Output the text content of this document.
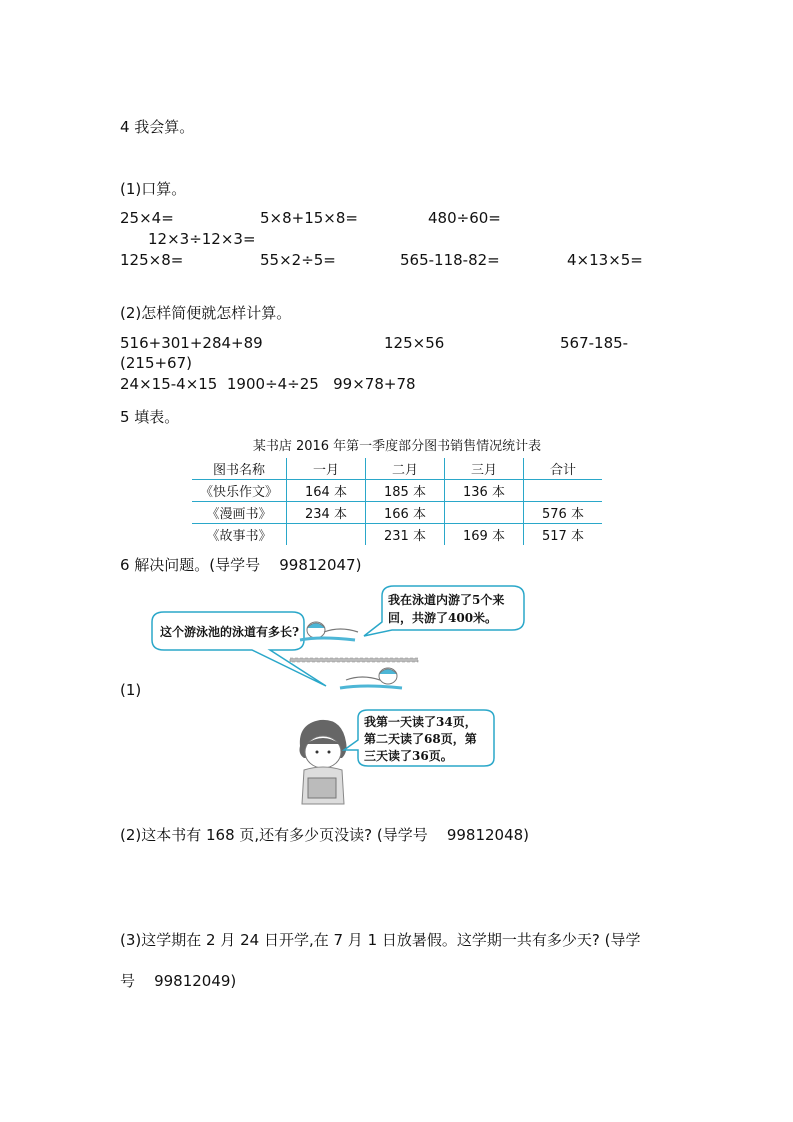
4 我会算。
(1)口算。
25×4=	5×8+15×8=	480÷60=
12×3÷12×3=
125×8=	55×2÷5=	565-118-82=	4×13×5=
(2)怎样简便就怎样计算。
516+301+284+89	125×56	567-185-
(215+67)
24×15-4×15  1900÷4÷25   99×78+78
5 填表。
某书店 2016 年第一季度部分图书销售情况统计表
图书名称	一月	二月	三月	合计
《快乐作文》	164 本	185 本	136 本	
《漫画书》	234 本	166 本		576 本
《故事书》		231 本	169 本	517 本
6 解决问题。(导学号    99812047)
这个游泳池的泳道有多长?
我在泳道内游了5个来
回，共游了400米。
(1)
我第一天读了34页，
第二天读了68页，第
三天读了36页。
(2)这本书有 168 页,还有多少页没读? (导学号    99812048)
(3)这学期在 2 月 24 日开学,在 7 月 1 日放暑假。这学期一共有多少天? (导学
号    99812049)
